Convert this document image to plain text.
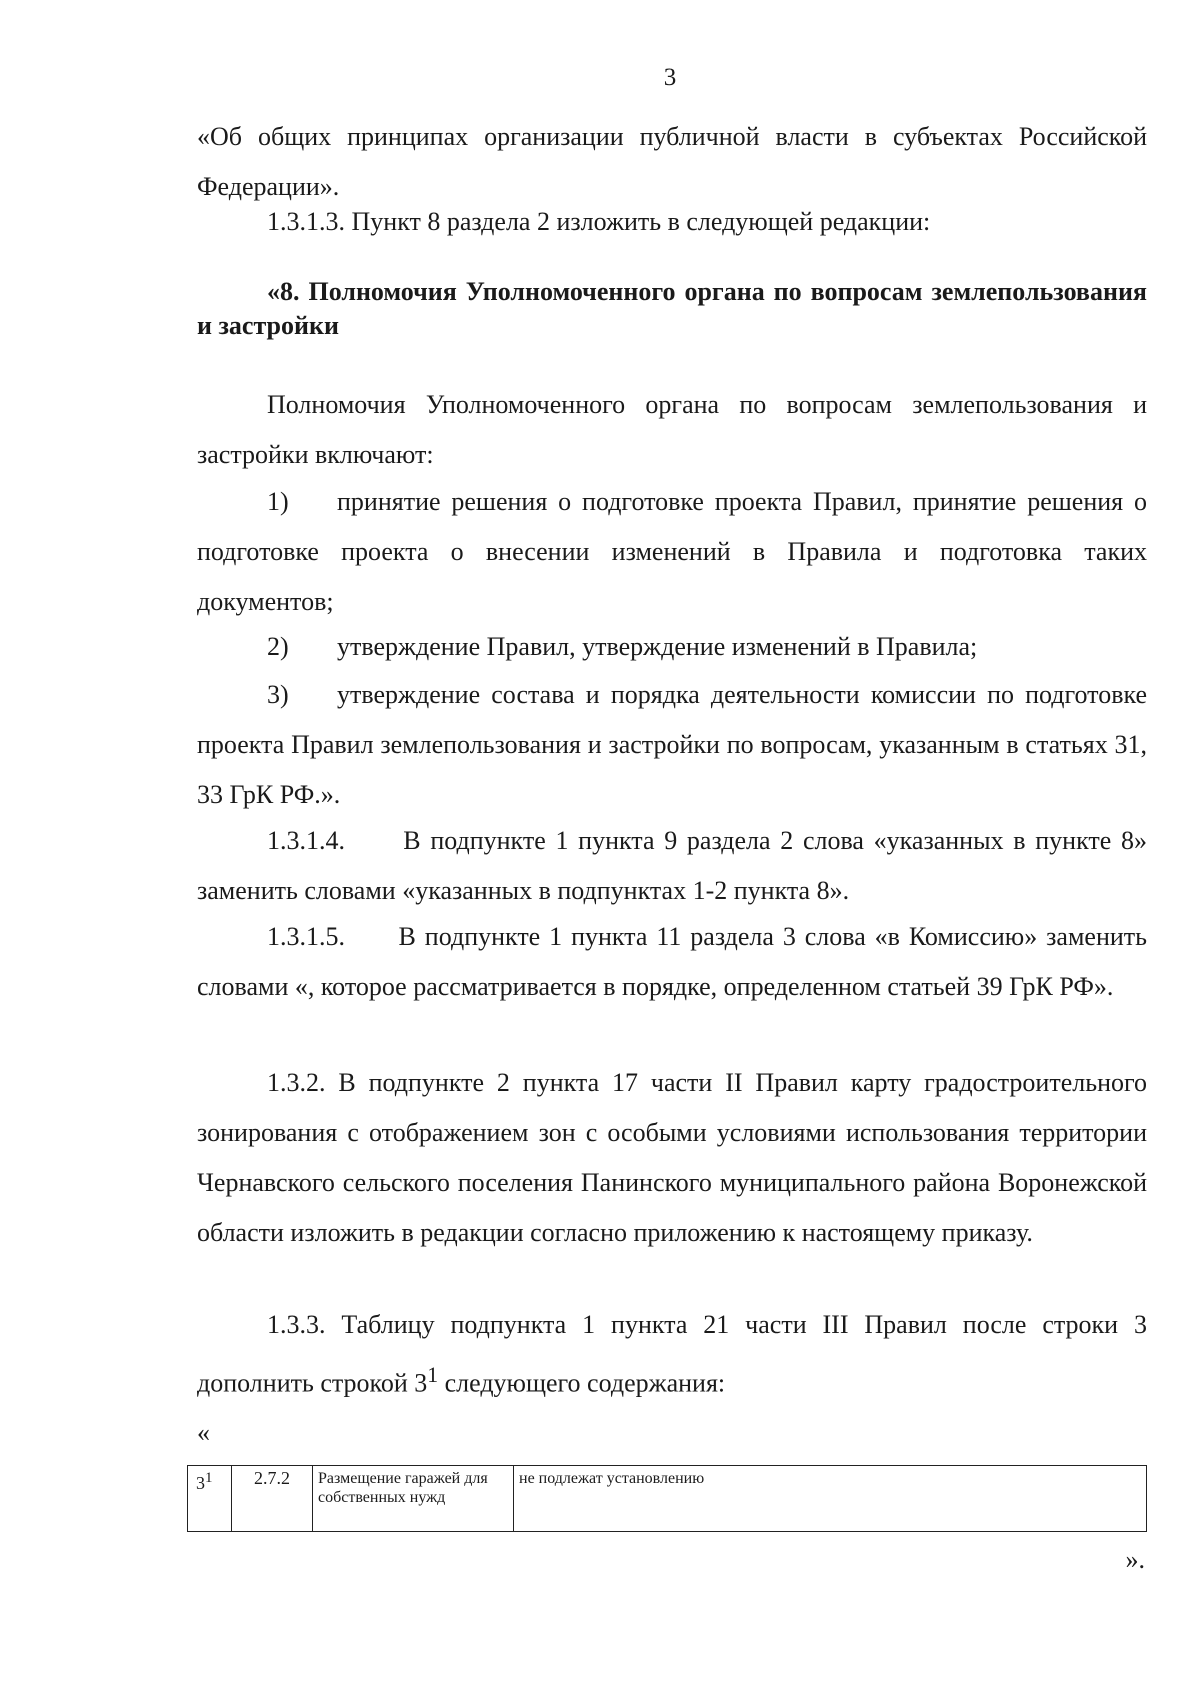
3
«Об общих принципах организации публичной власти в субъектах Российской Федерации».
1.3.1.3. Пункт 8 раздела 2 изложить в следующей редакции:
«8. Полномочия Уполномоченного органа по вопросам землепользования и застройки
Полномочия Уполномоченного органа по вопросам землепользования и застройки включают:
1) принятие решения о подготовке проекта Правил, принятие решения о подготовке проекта о внесении изменений в Правила и подготовка таких документов;
2) утверждение Правил, утверждение изменений в Правила;
3) утверждение состава и порядка деятельности комиссии по подготовке проекта Правил землепользования и застройки по вопросам, указанным в статьях 31, 33 ГрК РФ.».
1.3.1.4.      В подпункте 1 пункта 9 раздела 2 слова «указанных в пункте 8» заменить словами «указанных в подпунктах 1-2 пункта 8».
1.3.1.5.      В подпункте 1 пункта 11 раздела 3 слова «в Комиссию» заменить словами «, которое рассматривается в порядке, определенном статьей 39 ГрК РФ».
1.3.2. В подпункте 2 пункта 17 части II Правил карту градостроительного зонирования с отображением зон с особыми условиями использования территории Чернавского сельского поселения Панинского муниципального района Воронежской области изложить в редакции согласно приложению к настоящему приказу.
1.3.3. Таблицу подпункта 1 пункта 21 части III Правил после строки 3 дополнить строкой $3^1$ следующего содержания:
«
$3^1$	2.7.2	Размещение гаражей для собственных нужд	не подлежат установлению
».
